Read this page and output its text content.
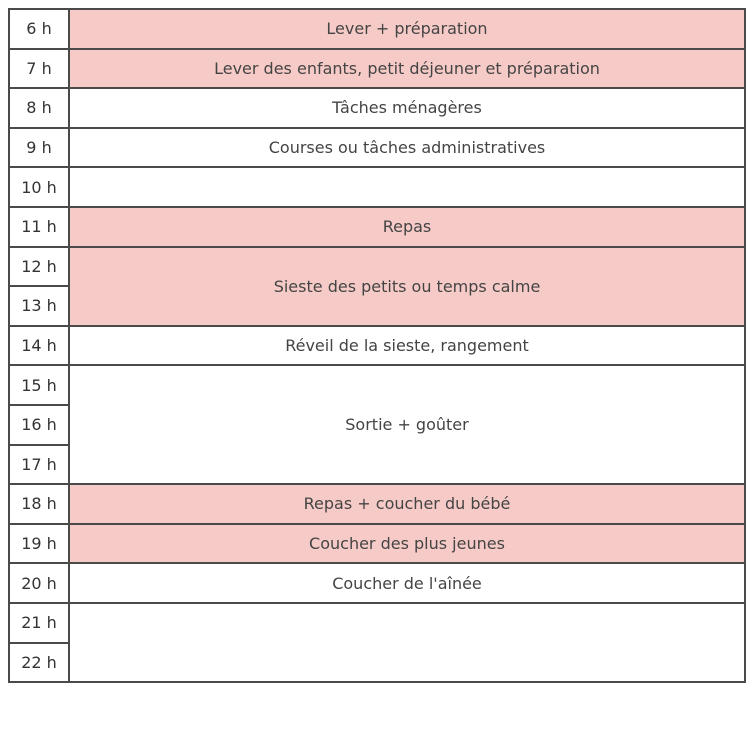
6 h	Lever + préparation
7 h	Lever des enfants, petit déjeuner et préparation
8 h	Tâches ménagères
9 h	Courses ou tâches administratives
10 h	
11 h	Repas
12 h	Sieste des petits ou temps calme
13 h	
14 h	Réveil de la sieste, rangement
15 h	Sortie + goûter
16 h	
17 h	
18 h	Repas + coucher du bébé
19 h	Coucher des plus jeunes
20 h	Coucher de l'aînée
21 h	
22 h	
